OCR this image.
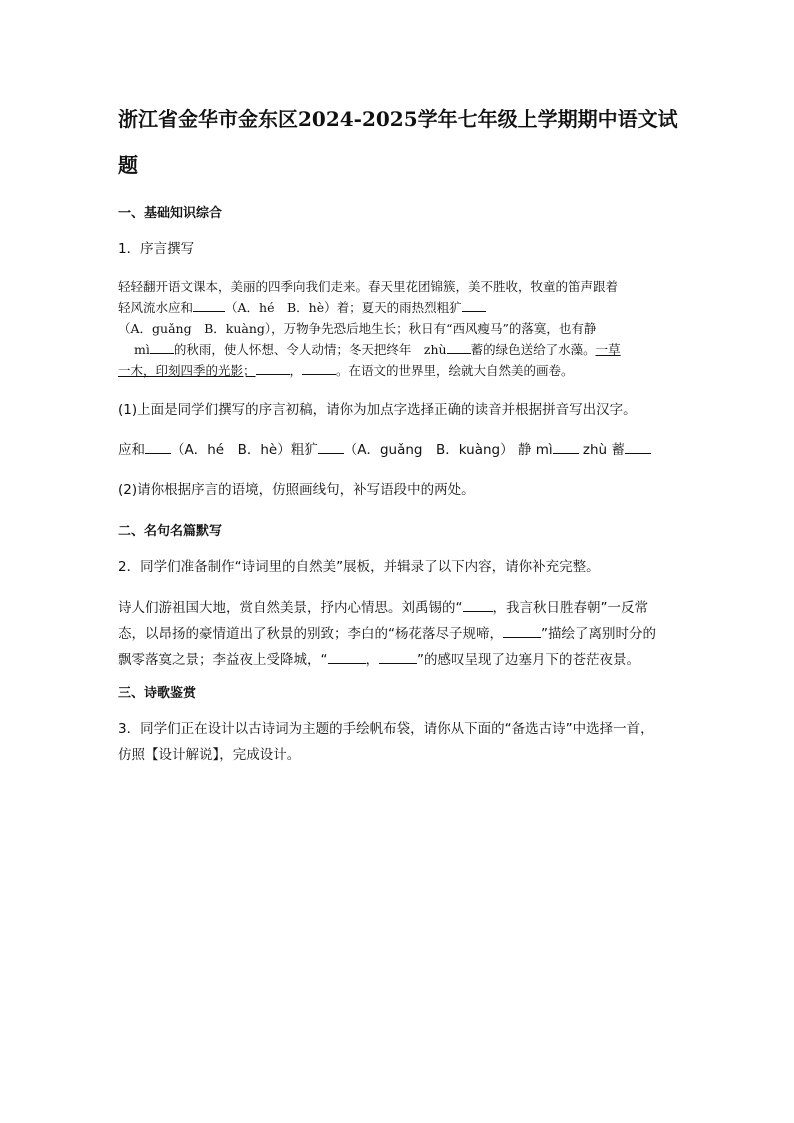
浙江省金华市金东区2024-2025学年七年级上学期期中语文试题

一、基础知识综合

1．序言撰写

轻轻翻开语文课本，美丽的四季向我们走来。春天里花团锦簇，美不胜收，牧童的笛声跟着
轻风流水应和	（A．hé　B．hè）着；夏天的雨热烈粗犷
（A．guǎng　B．kuàng），万物争先恐后地生长；秋日有“西风瘦马”的落寞，也有静
mì 的秋雨，使人怀想、令人动情；冬天把终年　zhù 蓄的绿色送给了水藻。一草
一木，印刻四季的光影；	，	。在语文的世界里，绘就大自然美的画卷。

(1)上面是同学们撰写的序言初稿，请你为加点字选择正确的读音并根据拼音写出汉字。

应和 （A．hé　B．hè）粗犷 （A．guǎng　B．kuàng） 静 mì zhù 蓄

(2)请你根据序言的语境，仿照画线句，补写语段中的两处。

二、名句名篇默写

2．同学们准备制作“诗词里的自然美”展板，并辑录了以下内容，请你补充完整。

诗人们游祖国大地，赏自然美景，抒内心情思。刘禹锡的“ ，我言秋日胜春朝”一反常
态，以昂扬的豪情道出了秋景的别致；李白的“杨花落尽子规啼，	”描绘了离别时分的
飘零落寞之景；李益夜上受降城，“	，	”的感叹呈现了边塞月下的苍茫夜景。

三、诗歌鉴赏

3．同学们正在设计以古诗词为主题的手绘帆布袋，请你从下面的“备选古诗”中选择一首，
仿照【设计解说】，完成设计。
